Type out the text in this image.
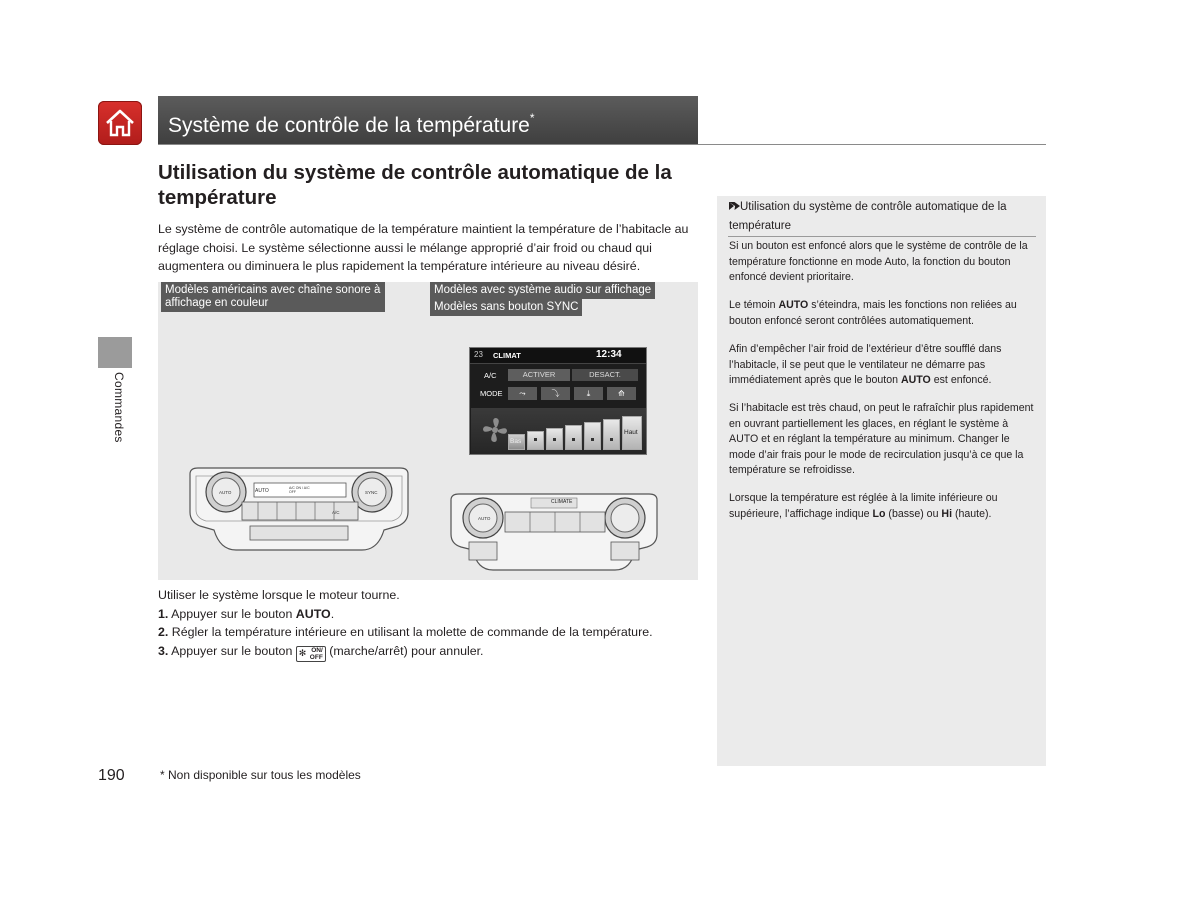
Système de contrôle de la température*
Commandes
Utilisation du système de contrôle automatique de la température
Le système de contrôle automatique de la température maintient la température de l’habitacle au réglage choisi. Le système sélectionne aussi le mélange approprié d’air froid ou chaud qui augmentera ou diminuera le plus rapidement la température intérieure au niveau désiré.
Modèles américains avec chaîne sonore à affichage en couleur
Modèles avec système audio sur affichage
Modèles sans bouton SYNC
AUTO	A/C ON / A/C OFF
A/C
AUTO	SYNC
CLIMATE
AUTO
23 CLIMAT	12:34
A/C	ACTIVER	DESACT.
MODE	⤳	⤵	⤓	⟰
Bas
Haut
Utilisation du système de contrôle automatique de la température
Si un bouton est enfoncé alors que le système de contrôle de la température fonctionne en mode Auto, la fonction du bouton enfoncé devient prioritaire.
Le témoin AUTO s’éteindra, mais les fonctions non reliées au bouton enfoncé seront contrôlées automatiquement.
Afin d’empêcher l’air froid de l’extérieur d’être soufflé dans l’habitacle, il se peut que le ventilateur ne démarre pas immédiatement après que le bouton AUTO est enfoncé.
Si l’habitacle est très chaud, on peut le rafraîchir plus rapidement en ouvrant partiellement les glaces, en réglant le système à AUTO et en réglant la température au minimum. Changer le mode d’air frais pour le mode de recirculation jusqu’à ce que la température se refroidisse.
Lorsque la température est réglée à la limite inférieure ou supérieure, l’affichage indique Lo (basse) ou Hi (haute).
Utiliser le système lorsque le moteur tourne.
1. Appuyer sur le bouton AUTO.
2. Régler la température intérieure en utilisant la molette de commande de la température.
3. Appuyer sur le bouton ✻ ON/ OFF (marche/arrêt) pour annuler.
190	* Non disponible sur tous les modèles
